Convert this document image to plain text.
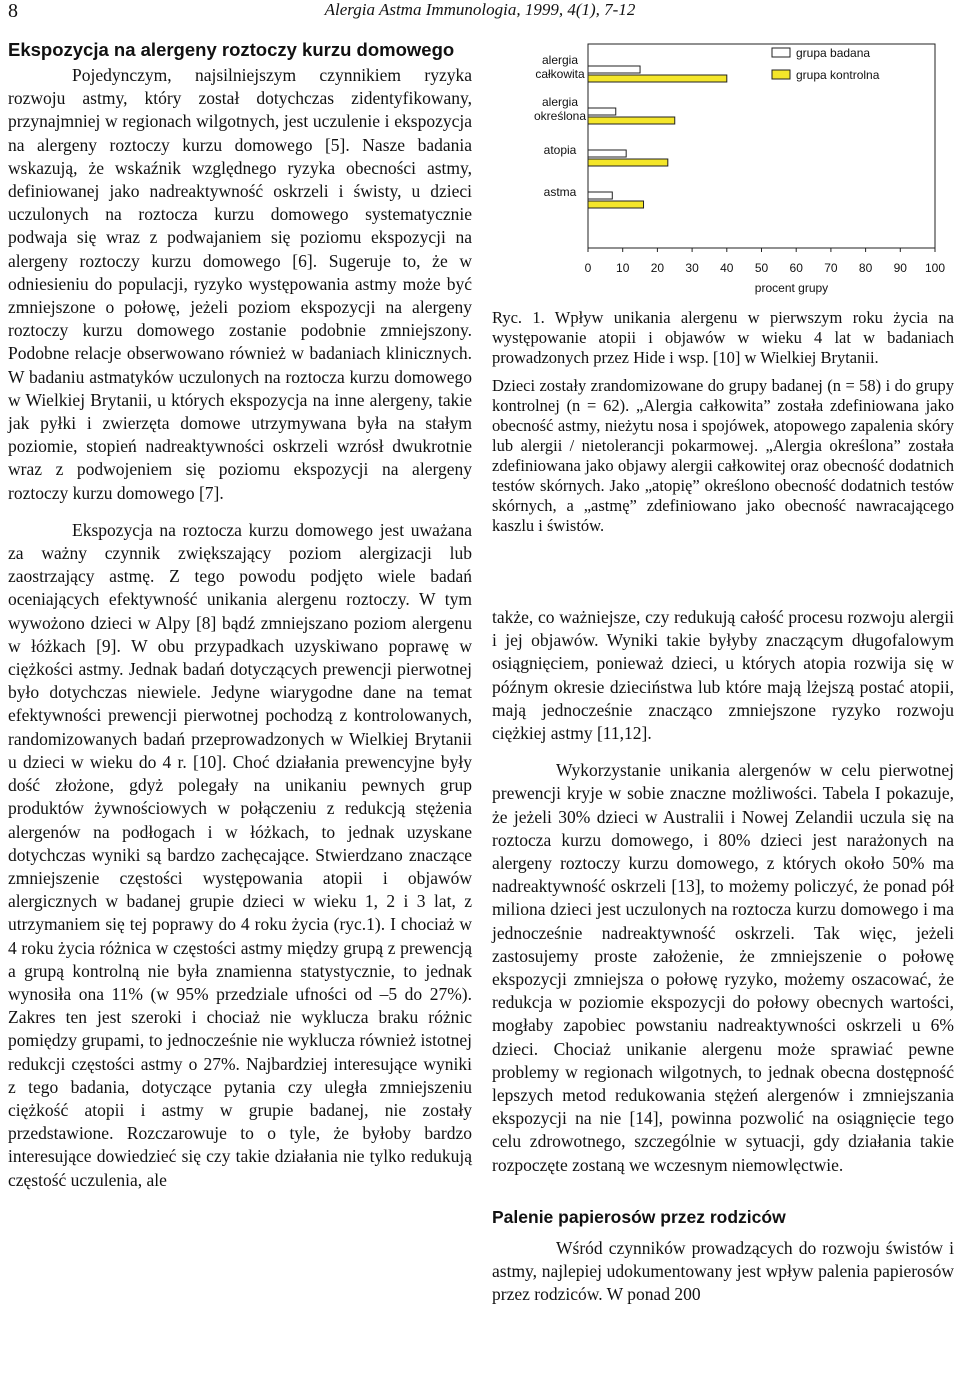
8	Alergia Astma Immunologia, 1999, 4(1), 7-12
Ekspozycja na alergeny roztoczy kurzu domowego

Pojedynczym, najsilniejszym czynnikiem ryzyka rozwoju astmy, który został dotychczas zidentyfikowany, przynajmniej w regionach wilgotnych, jest uczulenie i ekspozycja na alergeny roztoczy kurzu domowego [5]. Nasze badania wskazują, że wskaźnik względnego ryzyka obecności astmy, definiowanej jako nadreaktywność oskrzeli i świsty, u dzieci uczulonych na roztocza kurzu domowego systematycznie podwaja się wraz z podwajaniem się poziomu ekspozycji na alergeny roztoczy kurzu domowego [6]. Sugeruje to, że w odniesieniu do populacji, ryzyko występowania astmy może być zmniejszone o połowę, jeżeli poziom ekspozycji na alergeny roztoczy kurzu domowego zostanie podobnie zmniejszony. Podobne relacje obserwowano również w badaniach klinicznych. W badaniu astmatyków uczulonych na roztocza kurzu domowego w Wielkiej Brytanii, u których ekspozycja na inne alergeny, takie jak pyłki i zwierzęta domowe utrzymywana była na stałym poziomie, stopień nadreaktywności oskrzeli wzrósł dwukrotnie wraz z podwojeniem się poziomu ekspozycji na alergeny roztoczy kurzu domowego [7].

Ekspozycja na roztocza kurzu domowego jest uważana za ważny czynnik zwiększający poziom alergizacji lub zaostrzający astmę. Z tego powodu podjęto wiele badań oceniających efektywność unikania alergenu roztoczy. W tym wywożono dzieci w Alpy [8] bądź zmniejszano poziom alergenu w łóżkach [9]. W obu przypadkach uzyskiwano poprawę w ciężkości astmy. Jednak badań dotyczących prewencji pierwotnej było dotychczas niewiele. Jedyne wiarygodne dane na temat efektywności prewencji pierwotnej pochodzą z kontrolowanych, randomizowanych badań przeprowadzonych w Wielkiej Brytanii u dzieci w wieku do 4 r. [10]. Choć działania prewencyjne były dość złożone, gdyż polegały na unikaniu pewnych grup produktów żywnościowych w połączeniu z redukcją stężenia alergenów na podłogach i w łóżkach, to jednak uzyskane dotychczas wyniki są bardzo zachęcające. Stwierdzano znaczące zmniejszenie częstości występowania atopii i objawów alergicznych w badanej grupie dzieci w wieku 1, 2 i 3 lat, z utrzymaniem się tej poprawy do 4 roku życia (ryc.1). I chociaż w 4 roku życia różnica w częstości astmy między grupą z prewencją a grupą kontrolną nie była znamienna statystycznie, to jednak wynosiła ona 11% (w 95% przedziale ufności od –5 do 27%). Zakres ten jest szeroki i chociaż nie wyklucza braku różnic pomiędzy grupami, to jednocześnie nie wyklucza również istotnej redukcji częstości astmy o 27%. Najbardziej interesujące wyniki z tego badania, dotyczące pytania czy uległa zmniejszeniu ciężkość atopii i astmy w grupie badanej, nie zostały przedstawione. Rozczarowuje to o tyle, że byłoby bardzo interesujące dowiedzieć się czy takie działania nie tylko redukują częstość uczulenia, ale

alergia
całkowita
alergia
określona
atopia
astma
0 10 20 30 40 50 60 70 80 90 100
procent grupy
grupa badana
grupa kontrolna

Ryc. 1. Wpływ unikania alergenu w pierwszym roku życia na występowanie atopii i objawów w wieku 4 lat w badaniach prowadzonych przez Hide i wsp. [10] w Wielkiej Brytanii.

Dzieci zostały zrandomizowane do grupy badanej (n = 58) i do grupy kontrolnej (n = 62). „Alergia całkowita” została zdefiniowana jako obecność astmy, nieżytu nosa i spojówek, atopowego zapalenia skóry lub alergii / nietolerancji pokarmowej. „Alergia określona” została zdefiniowana jako objawy alergii całkowitej oraz obecność dodatnich testów skórnych. Jako „atopię” określono obecność dodatnich testów skórnych, a „astmę” zdefiniowano jako obecność nawracającego kaszlu i świstów.

także, co ważniejsze, czy redukują całość procesu rozwoju alergii i jej objawów. Wyniki takie byłyby znaczącym długofalowym osiągnięciem, ponieważ dzieci, u których atopia rozwija się w późnym okresie dzieciństwa lub które mają lżejszą postać atopii, mają jednocześnie znacząco zmniejszone ryzyko rozwoju ciężkiej astmy [11,12].

Wykorzystanie unikania alergenów w celu pierwotnej prewencji kryje w sobie znaczne możliwości. Tabela I pokazuje, że jeżeli 30% dzieci w Australii i Nowej Zelandii uczula się na roztocza kurzu domowego, i 80% dzieci jest narażonych na alergeny roztoczy kurzu domowego, z których około 50% ma nadreaktywność oskrzeli [13], to możemy policzyć, że ponad pół miliona dzieci jest uczulonych na roztocza kurzu domowego i ma jednocześnie nadreaktywność oskrzeli. Tak więc, jeżeli zastosujemy proste założenie, że zmniejszenie o połowę ekspozycji zmniejsza o połowę ryzyko, możemy oszacować, że redukcja w poziomie ekspozycji do połowy obecnych wartości, mogłaby zapobiec powstaniu nadreaktywności oskrzeli u 6% dzieci. Chociaż unikanie alergenu może sprawiać pewne problemy w regionach wilgotnych, to jednak obecna dostępność lepszych metod redukowania stężeń alergenów i zmniejszania ekspozycji na nie [14], powinna pozwolić na osiągnięcie tego celu zdrowotnego, szczególnie w sytuacji, gdy działania takie rozpoczęte zostaną we wczesnym niemowlęctwie.

Palenie papierosów przez rodziców

Wśród czynników prowadzących do rozwoju świstów i astmy, najlepiej udokumentowany jest wpływ palenia papierosów przez rodziców. W ponad 200
